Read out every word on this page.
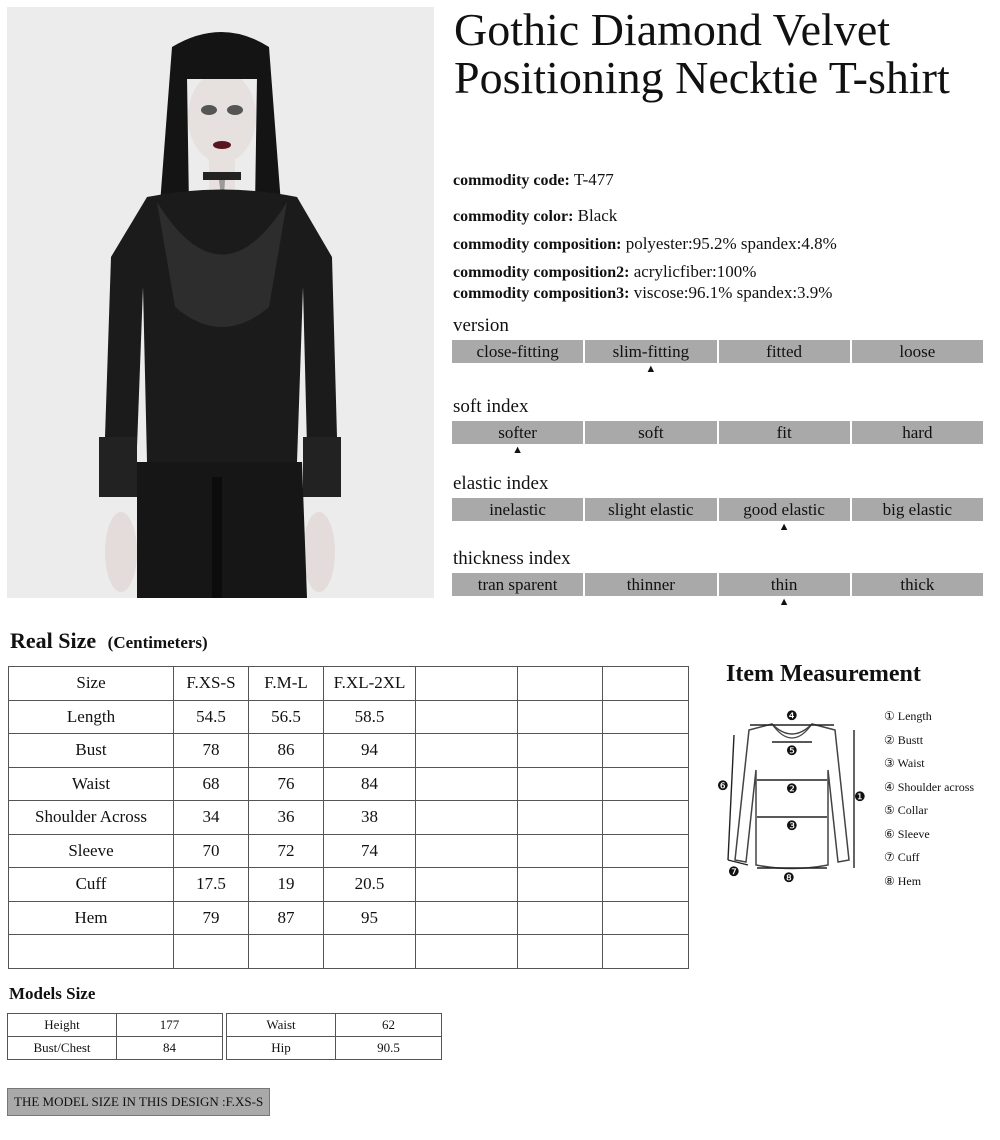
Gothic Diamond Velvet Positioning Necktie T-shirt
commodity code: T-477
commodity color: Black
commodity composition: polyester:95.2% spandex:4.8%
commodity composition2: acrylicfiber:100%
commodity composition3: viscose:96.1% spandex:3.9%
version
close-fitting	slim-fitting	fitted	loose
▲
soft index
softer	soft	fit	hard
▲
elastic index
inelastic	slight elastic	good elastic	big elastic
▲
thickness index
tran sparent	thinner	thin	thick
▲
Real Size (Centimeters)
Size	F.XS-S	F.M-L	F.XL-2XL			
Length	54.5	56.5	58.5			
Bust	78	86	94			
Waist	68	76	84			
Shoulder Across	34	36	38			
Sleeve	70	72	74			
Cuff	17.5	19	20.5			
Hem	79	87	95			

Item Measurement
❹
❺
❷
❸
❻
❶
❼	❽
① Length
② Bustt
③ Waist
④ Shoulder across
⑤ Collar
⑥ Sleeve
⑦ Cuff
⑧ Hem
Models Size
Height	177
Bust/Chest	84
Waist	62
Hip	90.5
THE MODEL SIZE IN THIS DESIGN :F.XS-S
